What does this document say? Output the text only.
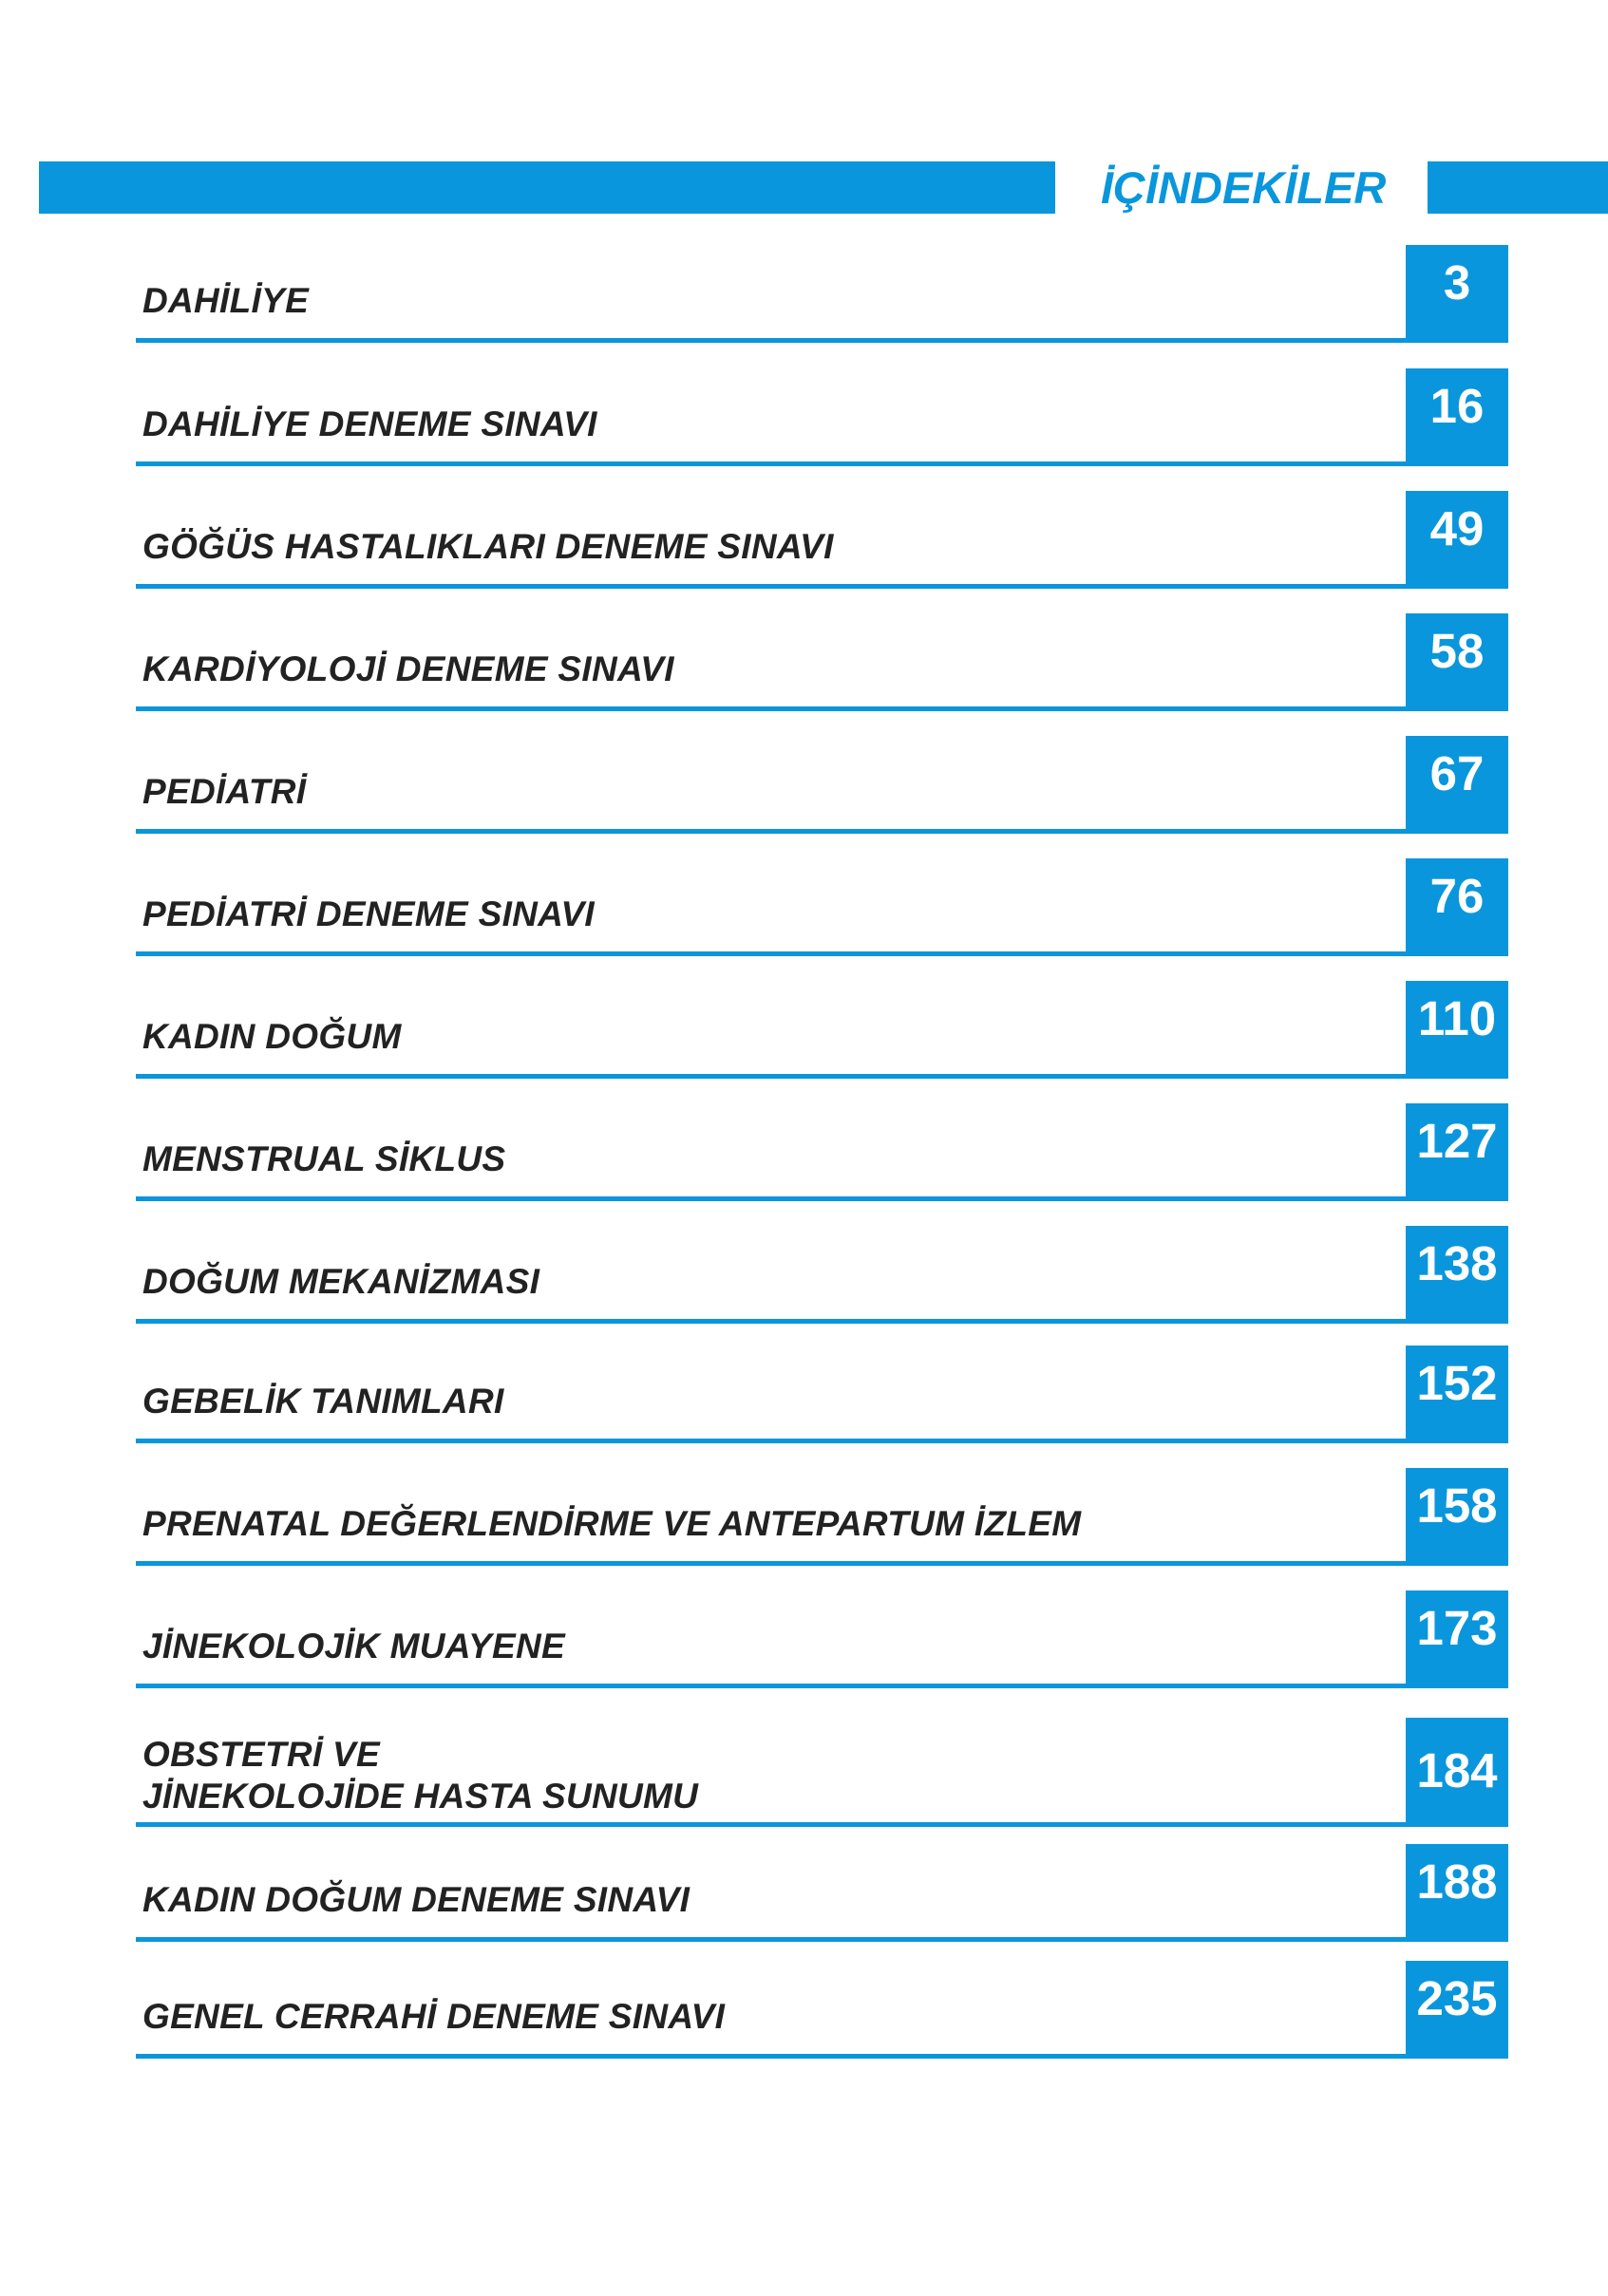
İÇİNDEKİLER
DAHİLİYE	3
DAHİLİYE DENEME SINAVI	16
GÖĞÜS HASTALIKLARI DENEME SINAVI	49
KARDİYOLOJİ DENEME SINAVI	58
PEDİATRİ	67
PEDİATRİ DENEME SINAVI	76
KADIN DOĞUM	110
MENSTRUAL SİKLUS	127
DOĞUM MEKANİZMASI	138
GEBELİK TANIMLARI	152
PRENATAL DEĞERLENDİRME VE ANTEPARTUM İZLEM	158
JİNEKOLOJİK MUAYENE	173
OBSTETRİ VE
JİNEKOLOJİDE HASTA SUNUMU	184
KADIN DOĞUM DENEME SINAVI	188
GENEL CERRAHİ DENEME SINAVI	235
